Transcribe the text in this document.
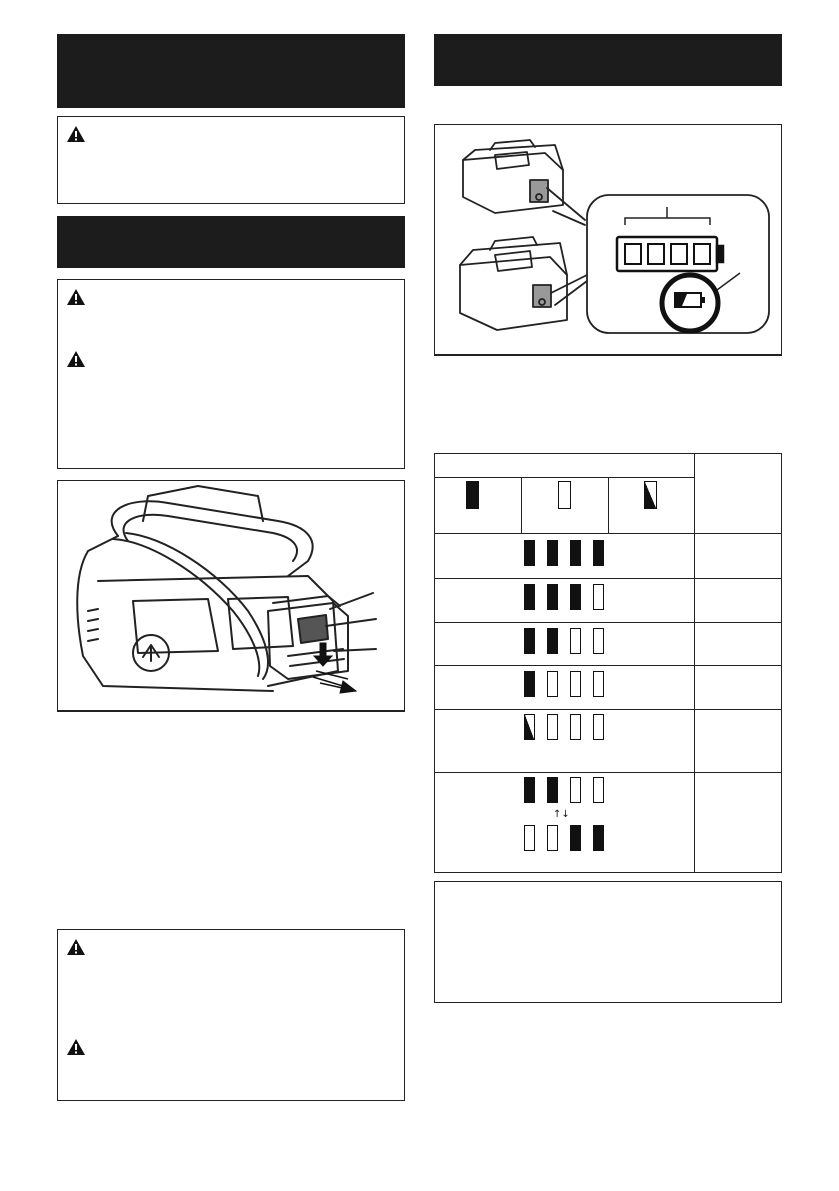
↑↓
